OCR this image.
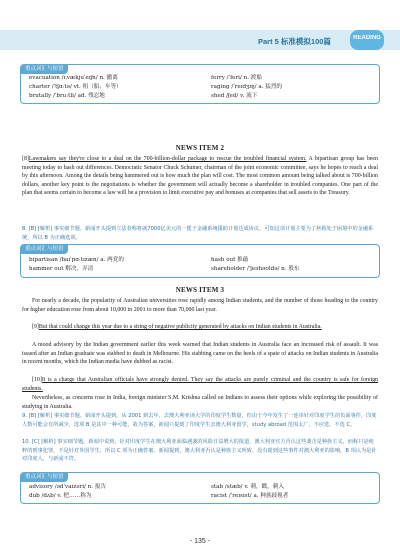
Part 5 标准模拟100篇	READING
重点词汇与短语
evacuation /ɪˌvækjuˈeɪʃn/ n. 撤离	ferry /ˈferi/ n. 渡船
charter /ˈtʃɑːtə/ vt. 租（船、车等）	raging /ˈreɪdʒɪŋ/ a. 猛烈的
brutally /ˈbruːtli/ ad. 残忍地	shed /ʃed/ v. 流下
NEWS ITEM 2
[8]Lawmakers say they're close to a deal on the 700-billion-dollar package to rescue the troubled financial system. A bipartisan group has been meeting today to hash out differences. Democratic Senator Chuck Schumer, chairman of the joint economic committee, says he hopes to reach a deal by this afternoon. Among the details being hammered out is how much the plan will cost. The most common amount being talked about is 700-billion dollars, another key point is the negotiations is whether the government will actually become a shareholder in troubled companies. One part of the plan that seems certain to become a law will be a provision to limit executive pay and bonuses at companies that sell assets to the Treasury.
8. [B] [解析] 事实细节题。新闻开头提到立法者称将就7000亿美元的一揽子金融系统援助计划达成协议，可知这项计划主要为了拯救处于困境中的金融系统，所以 B 为正确选项。
重点词汇与短语
bipartisan /baɪˈpɑːtɪzæn/ a. 两党的	hash out 推敲
hammer out 解决，弄清	shareholder /ˈʃeəhəʊldə/ n. 股东
NEWS ITEM 3
For nearly a decade, the popularity of Australian universities rose rapidly among Indian students, and the number of those heading to the country for higher education rose from about 10,000 in 2001 to more than 70,000 last year.
[9]But that could change this year due to a string of negative publicity generated by attacks on Indian students in Australia.
A mood advisory by the Indian government earlier this week warned that Indian students in Australia face an increased risk of assault. It was issued after an Indian graduate was stabbed to death in Melbourne. His stabbing came on the heels of a spate of attacks on Indian students in Australia in recent months, which the Indian media have dubbed as racist.
[10]It is a charge that Australian officials have strongly denied. They say the attacks are purely criminal and the country is safe for foreign students.
Nevertheless, as concerns rose in India, foreign minister S.M. Krishna called on Indians to assess their options while exploring the possibility of studying in Australia.
9. [B] [解析] 事实细节题。新闻开头提到，从 2001 到去年，去澳大利亚读大学的印度学生数量，但由于今年发生了一连串针对印度学生的负面事件，印度人数可能会有所减少，选项 B 是其中一种可能，故为答案，新闻只提到了印度学生去澳大利亚留学，study abroad 范围太广，不应选，不选 C。
10. [C] [解析] 事实细节题。新闻中说到，针对印度学生在澳大利亚面临遇袭的风险日益增大的报道，澳大利亚官方否认这些袭击是种族主义，而称只是纯粹的刑事犯罪，不是针对外国学生，所以 C 项为正确答案。新闻提到，澳大利亚否认是种族主义所致，没有提到这些事件对澳大利亚的影响，B 项认为是针对印度人，与新闻不符。
重点词汇与短语
advisory /ədˈvaɪzəri/ n. 报告	stab /stæb/ v. 刺，戳，刺入
dub /dʌb/ v. 把……称为	racist /ˈreɪsɪst/ a. 种族歧视者
- 135 -
